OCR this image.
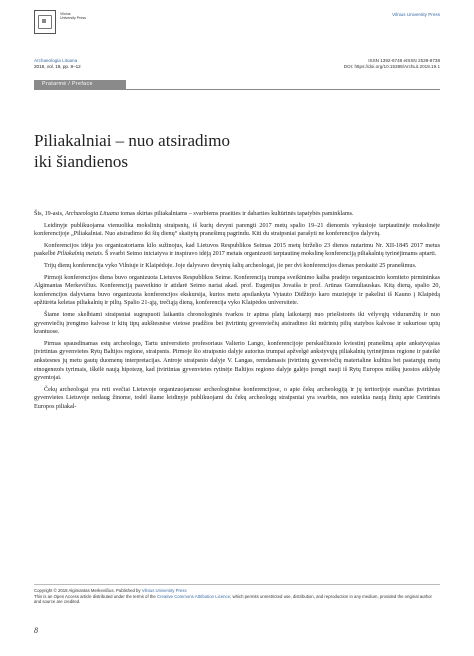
Vilnius University Press
Vilnius University Press
Archaeologia Lituana
2018, vol. 19, pp. 8–12
ISSN 1392-6748 eISSN 2538-8738
DOI: https://doi.org/10.15388/ArchLit.2018.19.1
Pratarmė / Preface
Piliakalniai – nuo atsiradimo
iki šiandienos

Šis, 19-asis, Archaeologia Lituana tomas skirtas piliakalniams – svarbiems praeities ir dabarties kultūrinės tapatybės paminklams.

Leidinyje publikuojama vienuolika mokslinių straipsnių, iš kurių devyni parengti 2017 metų spalio 19–21 dienomis vykusioje tarptautinėje mokslinėje konferencijoje „Piliakalniai. Nuo atsiradimo iki šių dienų“ skaitytų pranešimų pagrindu. Kiti du straipsniai parašyti ne konferencijos dalyvių.

Konferencijos idėja jos organizatoriams kilo sužinojus, kad Lietuvos Respublikos Seimas 2015 metų birželio 23 dienos nutarimu Nr. XII-1845 2017 metus paskelbė Piliakalnių metais. Š svarbi Seimo iniciatyva ir inspiravo idėją 2017 metais organizuoti tarptautinę mokslinę konferenciją piliakalnių tyrinėjimams aptarti.

Trijų dienų konferencija vyko Vilniuje ir Klaipėdoje. Joje dalyvavo devynių šalių archeologai, jie per dvi konferencijos dienas perskaitė 25 pranešimus.

Pirmoji konferencijos diena buvo organizuota Lietuvos Respublikos Seime. Konferenciją trumpa sveikinimo kalba pradėjo organizacinio komiteto pirmininkas Algimantas Merkevičius. Konferenciją pasveikino ir atidarė Seimo nariai akad. prof. Eugenijus Jovaiša ir prof. Arūnas Gumuliauskas. Kitą dieną, spalio 20, konferencijos dalyviams buvo organizuota konferencijos ekskursija, kurios metu apsilankyta Vytauto Didžiojo karo muziejuje ir pakeliui iš Kauno į Klaipėdą apžiūrėta keletas piliakalnių ir pilių. Spalio 21-ąją, trečiąją dieną, konferencija vyko Klaipėdos universitete.

Šiame tome skelbiami straipsniai sugrupuoti laikantis chronologinės tvarkos ir apima platų laikotarpį nuo priešistorės iki vėlyvųjų viduramžių ir nuo gyvenviečių įrengimo kalvose ir kitų tipų aukštesnėse vietose pradžios bei įtvirtintų gyvenviečių atsiradimo iki mūrinių pilių statybos kalvose ir sukurtose upių krantuose.

Pirmas spausdinamas estų archeologo, Tartu universiteto profesoriaus Valterio Lango, konferencijoje perskaičiuosio kviestinį pranešimą apie ankstyvąsias įtvirtintas gyvenvietes Rytų Baltijos regione, straipsnis. Pirmoje šio straipsnio dalyje autorius trumpai apžvelgė ankstyvųjų piliakalnių tyrinėjimus regione ir pateikė ankstesnes jų metu gautų duomenų interpretacijas. Antroje straipsnio dalyje V. Langas, remdamasis įtvirtintų gyvenviečių materialine kultūra bei pastarųjų metų etnogenezės tyrimais, iškėlė naują hipotezę, kad įtvirtintas gyvenvietes rytinėje Baltijos regiono dalyje galėjo įrengti nauji iš Rytų Europos miškų juostos atklydę gyventojai.

Čekų archeologai yra reti svečiai Lietuvoje organizuojamose archeologinėse konferencijose, o apie čekų archeologiją ir jų teritorijoje esančias įtvirtintas gyvenvietes Lietuvoje nedaug žinome, todėl šiame leidinyje publikuojami du čekų archeologų straipsniai yra svarbūs, nes suteikia naują žinių apie Centrinės Europos piliakal-

Copyright © 2018 Algimantas Merkevičius. Published by Vilnius University Press
This is an Open Access article distributed under the terms of the Creative Commons Attribution Licence, which permits unrestricted use, distribution, and reproduction in any medium, provided the original author and source are credited.
8
